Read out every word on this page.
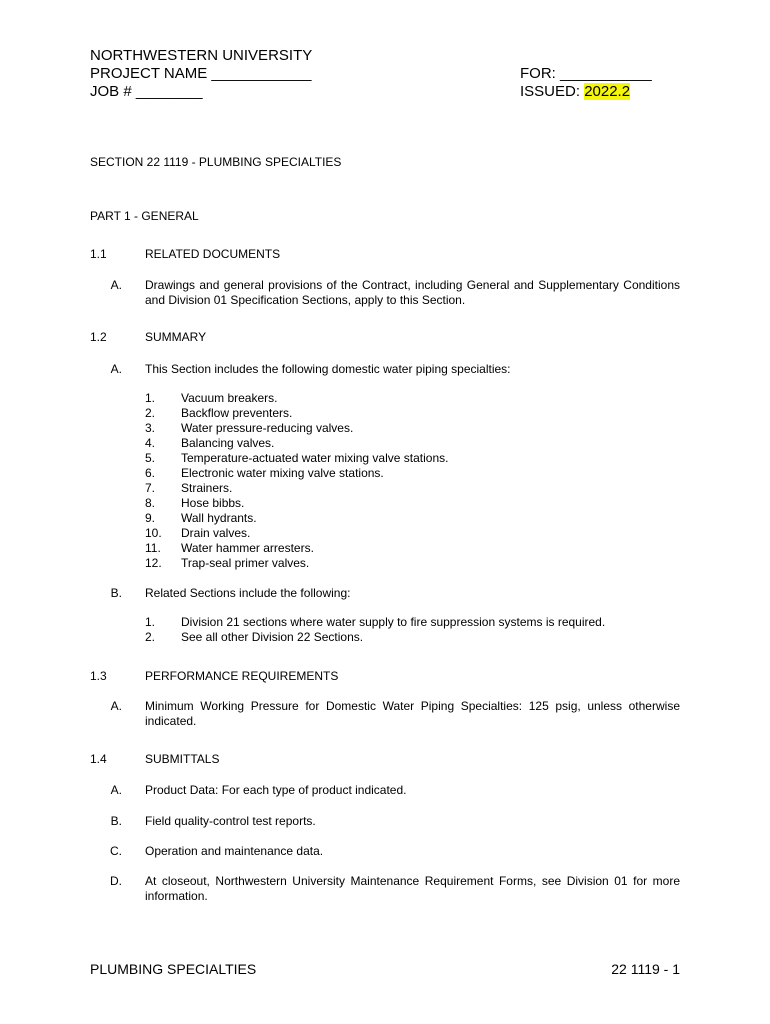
NORTHWESTERN UNIVERSITY
PROJECT NAME ____________
JOB # ________
FOR: ___________
ISSUED: 2022.2
SECTION 22 1119 - PLUMBING SPECIALTIES
PART 1 - GENERAL
1.1	RELATED DOCUMENTS
A. Drawings and general provisions of the Contract, including General and Supplementary Conditions and Division 01 Specification Sections, apply to this Section.
1.2	SUMMARY
A. This Section includes the following domestic water piping specialties:
1. Vacuum breakers.
2. Backflow preventers.
3. Water pressure-reducing valves.
4. Balancing valves.
5. Temperature-actuated water mixing valve stations.
6. Electronic water mixing valve stations.
7. Strainers.
8. Hose bibbs.
9. Wall hydrants.
10. Drain valves.
11. Water hammer arresters.
12. Trap-seal primer valves.
B. Related Sections include the following:
1. Division 21 sections where water supply to fire suppression systems is required.
2. See all other Division 22 Sections.
1.3	PERFORMANCE REQUIREMENTS
A. Minimum Working Pressure for Domestic Water Piping Specialties: 125 psig, unless otherwise indicated.
1.4	SUBMITTALS
A. Product Data: For each type of product indicated.
B. Field quality-control test reports.
C. Operation and maintenance data.
D. At closeout, Northwestern University Maintenance Requirement Forms, see Division 01 for more information.
PLUMBING SPECIALTIES	22 1119 - 1
